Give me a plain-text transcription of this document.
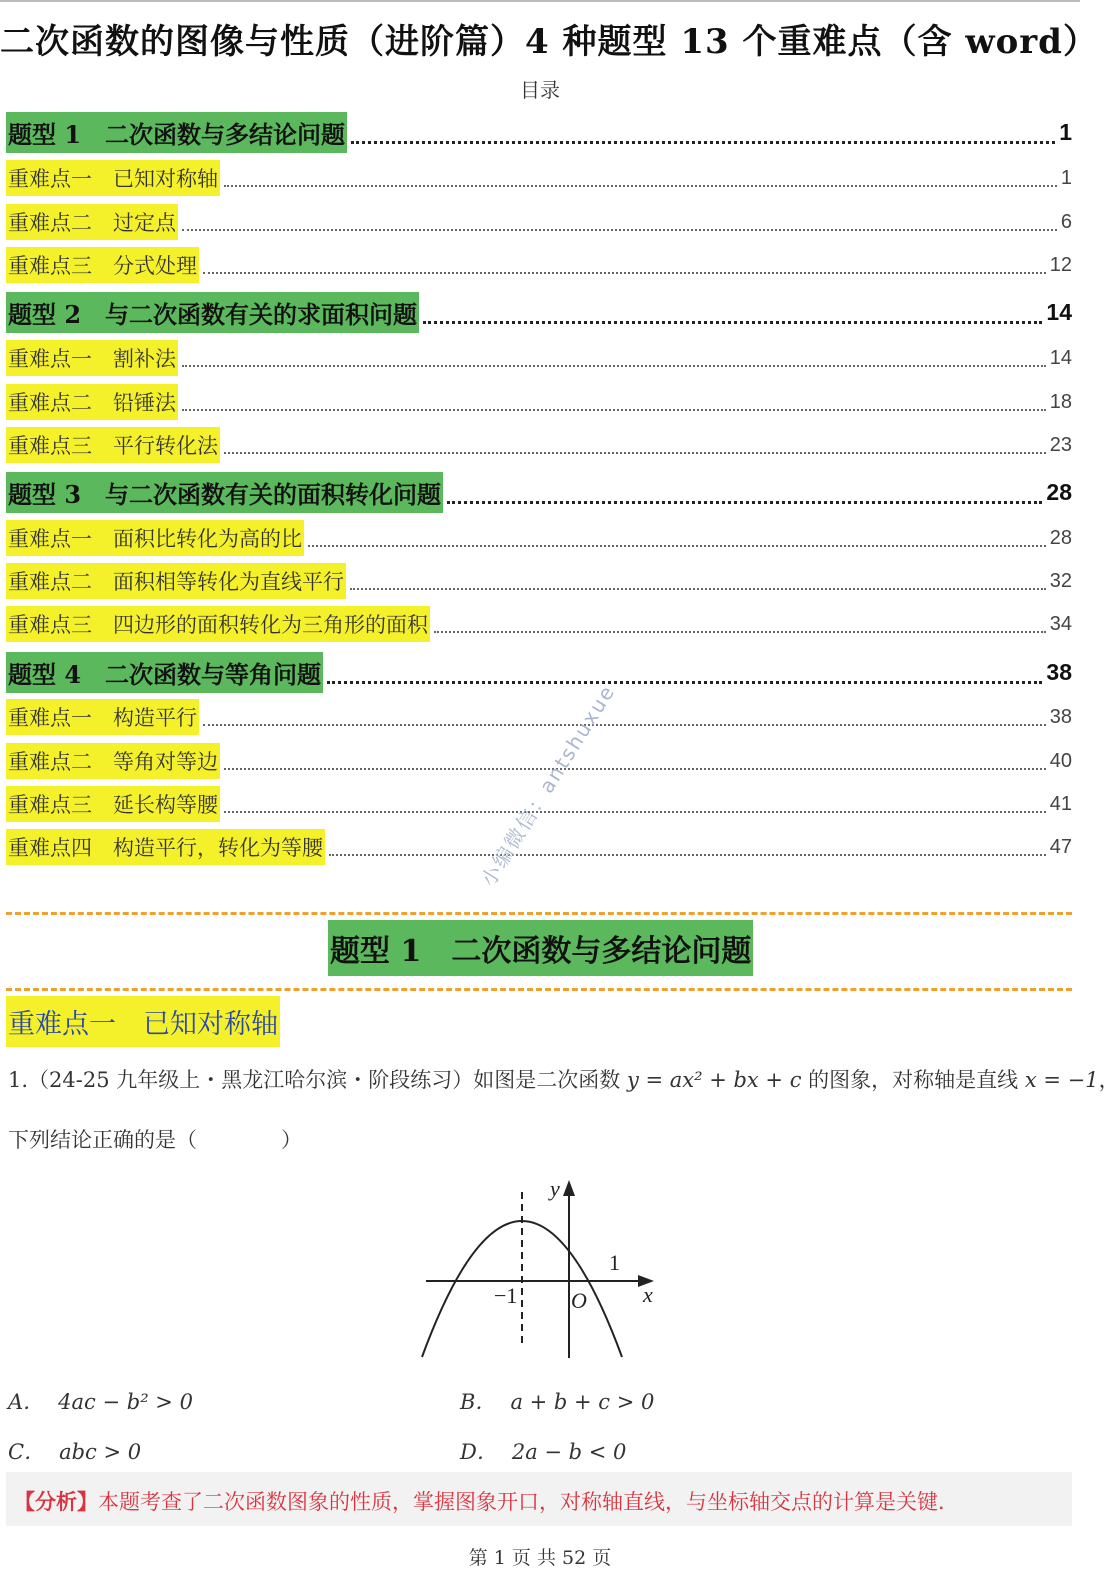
二次函数的图像与性质（进阶篇）4 种题型 13 个重难点（含 word）
目录
题型 1　二次函数与多结论问题	1
重难点一　已知对称轴	1
重难点二　过定点	6
重难点三　分式处理	12
题型 2　与二次函数有关的求面积问题	14
重难点一　割补法	14
重难点二　铅锤法	18
重难点三　平行转化法	23
题型 3　与二次函数有关的面积转化问题	28
重难点一　面积比转化为高的比	28
重难点二　面积相等转化为直线平行	32
重难点三　四边形的面积转化为三角形的面积	34
题型 4　二次函数与等角问题	38
重难点一　构造平行	38
重难点二　等角对等边	40
重难点三　延长构等腰	41
重难点四　构造平行，转化为等腰	47
小编微信：antshuxue
题型 1　二次函数与多结论问题
重难点一　已知对称轴
1.（24-25 九年级上・黑龙江哈尔滨・阶段练习）如图是二次函数 y = ax² + bx + c 的图象，对称轴是直线 x = −1，
下列结论正确的是（　　　　）
y
x
−1
1
O
A． 4ac − b² > 0	B． a + b + c > 0
C． abc > 0	D． 2a − b < 0
【分析】本题考查了二次函数图象的性质，掌握图象开口，对称轴直线，与坐标轴交点的计算是关键．
第 1 页 共 52 页
